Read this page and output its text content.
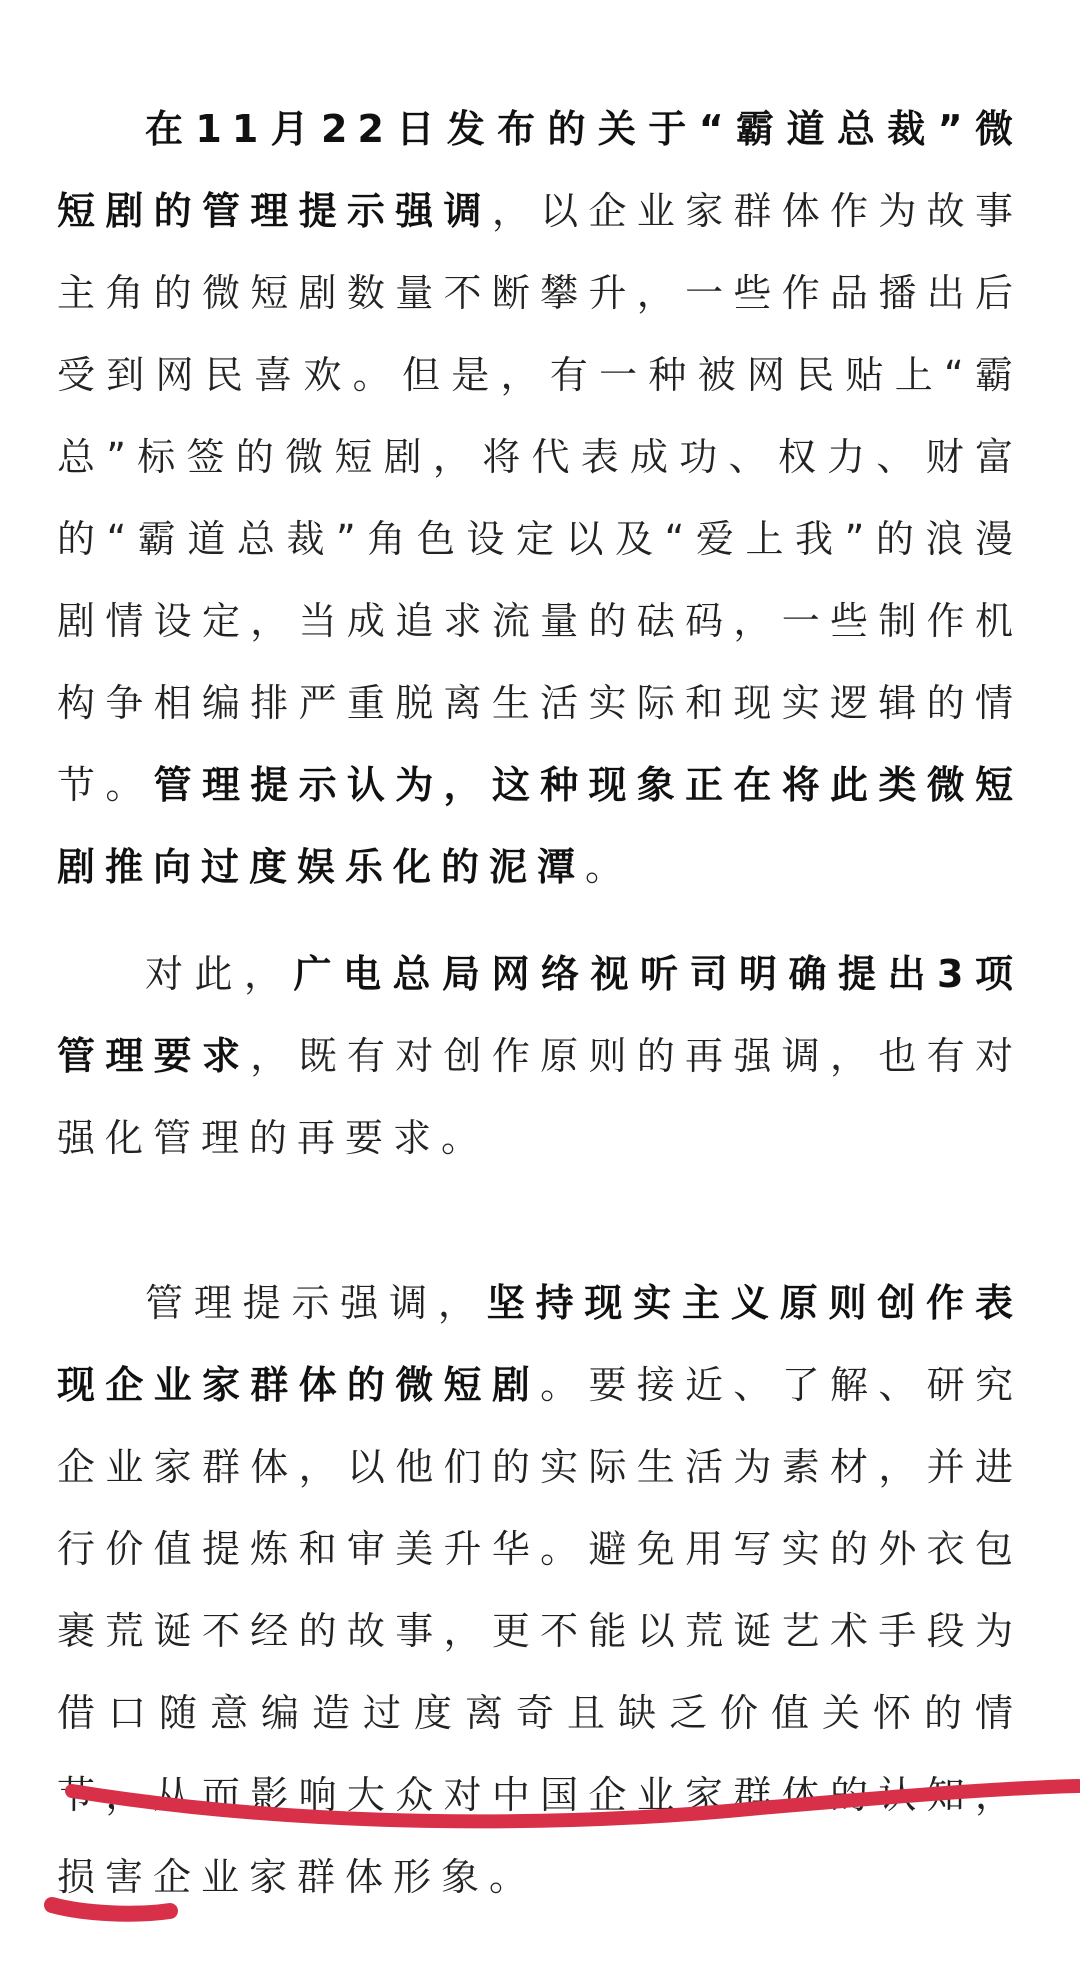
在11月22日发布的关于“霸道总裁”微短剧的管理提示强调，以企业家群体作为故事主角的微短剧数量不断攀升，一些作品播出后受到网民喜欢。但是，有一种被网民贴上“霸总”标签的微短剧，将代表成功、权力、财富的“霸道总裁”角色设定以及“爱上我”的浪漫剧情设定，当成追求流量的砝码，一些制作机构争相编排严重脱离生活实际和现实逻辑的情节。管理提示认为，这种现象正在将此类微短剧推向过度娱乐化的泥潭。

对此，广电总局网络视听司明确提出3项管理要求，既有对创作原则的再强调，也有对强化管理的再要求。

管理提示强调，坚持现实主义原则创作表现企业家群体的微短剧。要接近、了解、研究企业家群体，以他们的实际生活为素材，并进行价值提炼和审美升华。避免用写实的外衣包裹荒诞不经的故事，更不能以荒诞艺术手段为借口随意编造过度离奇且缺乏价值关怀的情节，从而影响大众对中国企业家群体的认知，损害企业家群体形象。
